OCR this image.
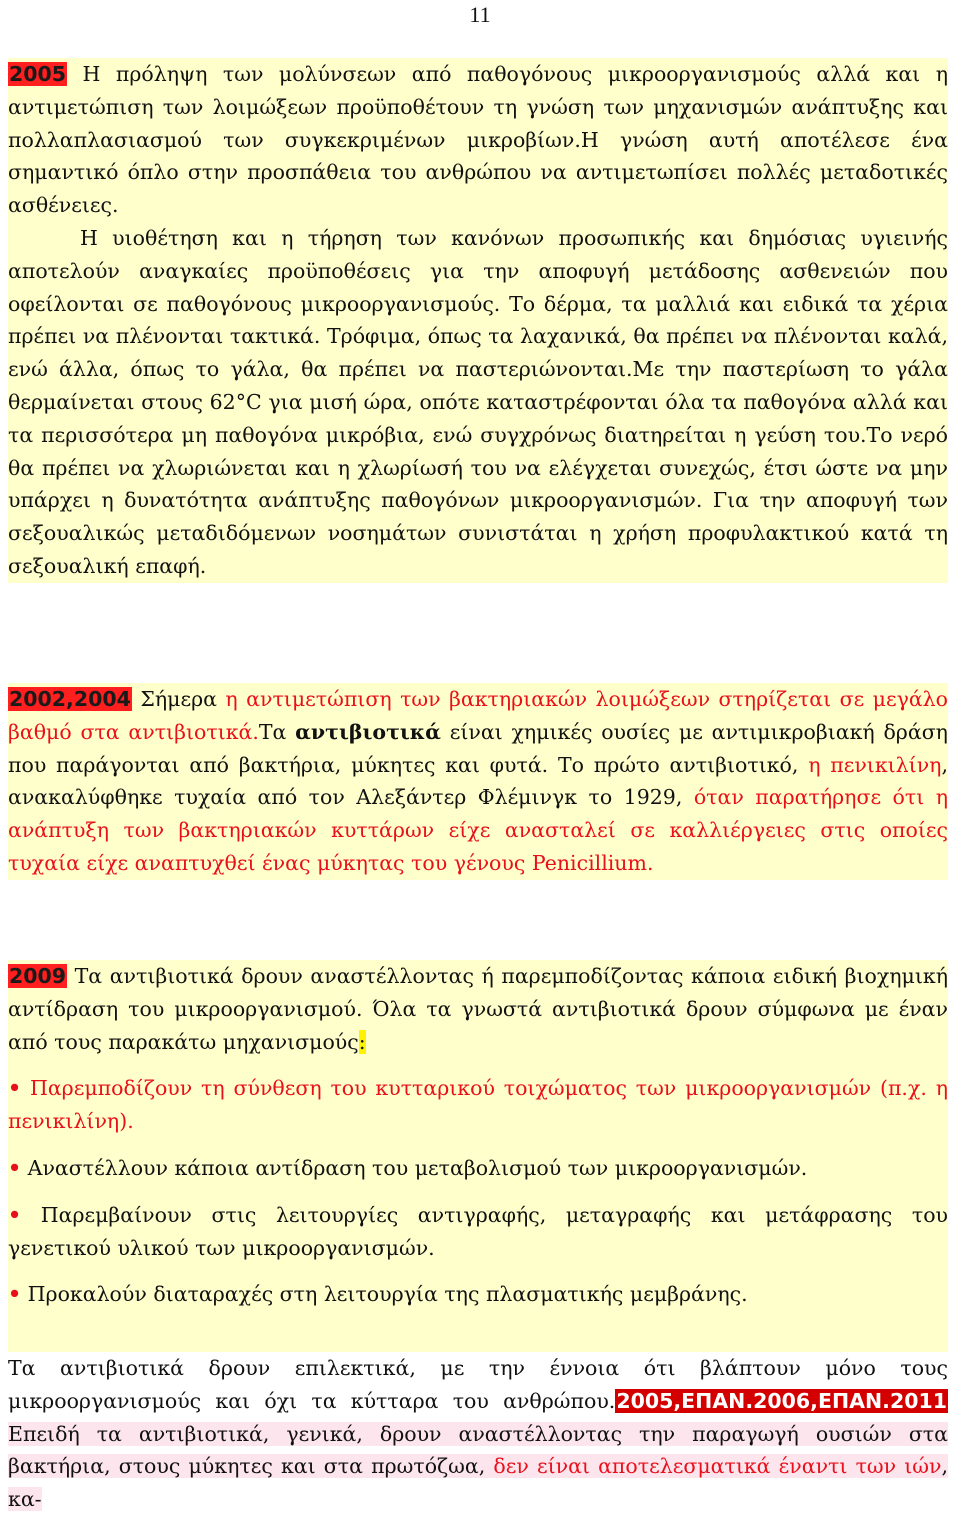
11

2005 Η πρόληψη των μολύνσεων από παθογόνους μικροοργανισμούς αλλά και η αντιμετώπιση των λοιμώξεων προϋποθέτουν τη γνώση των μηχανισμών ανάπτυξης και πολλαπλασιασμού των συγκεκριμένων μικροβίων.Η γνώση αυτή αποτέλεσε ένα σημαντικό όπλο στην προσπάθεια του ανθρώπου να αντιμετωπίσει πολλές μεταδοτικές ασθένειες.

Η υιοθέτηση και η τήρηση των κανόνων προσωπικής και δημόσιας υγιεινής αποτελούν αναγκαίες προϋποθέσεις για την αποφυγή μετάδοσης ασθενειών που οφείλονται σε παθογόνους μικροοργανισμούς. Το δέρμα, τα μαλλιά και ειδικά τα χέρια πρέπει να πλένονται τακτικά. Τρόφιμα, όπως τα λαχανικά, θα πρέπει να πλένονται καλά, ενώ άλλα, όπως το γάλα, θα πρέπει να παστεριώνονται.Με την παστερίωση το γάλα θερμαίνεται στους 62°C για μισή ώρα, οπότε καταστρέφονται όλα τα παθογόνα αλλά και τα περισσότερα μη παθογόνα μικρόβια, ενώ συγχρόνως διατηρείται η γεύση του.Το νερό θα πρέπει να χλωριώνεται και η χλωρίωσή του να ελέγχεται συνεχώς, έτσι ώστε να μην υπάρχει η δυνατότητα ανάπτυξης παθογόνων μικροοργανισμών. Για την αποφυγή των σεξουαλικώς μεταδιδόμενων νοσημάτων συνιστάται η χρήση προφυλακτικού κατά τη σεξουαλική επαφή.

2002,2004 Σήμερα η αντιμετώπιση των βακτηριακών λοιμώξεων στηρίζεται σε μεγάλο βαθμό στα αντιβιοτικά.Τα αντιβιοτικά είναι χημικές ουσίες με αντιμικροβιακή δράση που παράγονται από βακτήρια, μύκητες και φυτά. Το πρώτο αντιβιοτικό, η πενικιλίνη, ανακαλύφθηκε τυχαία από τον Αλεξάντερ Φλέμινγκ το 1929, όταν παρατήρησε ότι η ανάπτυξη των βακτηριακών κυττάρων είχε ανασταλεί σε καλλιέργειες στις οποίες τυχαία είχε αναπτυχθεί ένας μύκητας του γένους Penicillium.

2009 Τα αντιβιοτικά δρουν αναστέλλοντας ή παρεμποδίζοντας κάποια ειδική βιοχημική αντίδραση του μικροοργανισμού. Όλα τα γνωστά αντιβιοτικά δρουν σύμφωνα με έναν από τους παρακάτω μηχανισμούς:

• Παρεμποδίζουν τη σύνθεση του κυτταρικού τοιχώματος των μικροοργανισμών (π.χ. η πενικιλίνη).

• Αναστέλλουν κάποια αντίδραση του μεταβολισμού των μικροοργανισμών.

• Παρεμβαίνουν στις λειτουργίες αντιγραφής, μεταγραφής και μετάφρασης του γενετικού υλικού των μικροοργανισμών.

• Προκαλούν διαταραχές στη λειτουργία της πλασματικής μεμβράνης.

Τα αντιβιοτικά δρουν επιλεκτικά, με την έννοια ότι βλάπτουν μόνο τους μικροοργανισμούς και όχι τα κύτταρα του ανθρώπου.2005,ΕΠΑΝ.2006,ΕΠΑΝ.2011 Επειδή τα αντιβιοτικά, γενικά, δρουν αναστέλλοντας την παραγωγή ουσιών στα βακτήρια, στους μύκητες και στα πρωτόζωα, δεν είναι αποτελεσματικά έναντι των ιών, κα-
